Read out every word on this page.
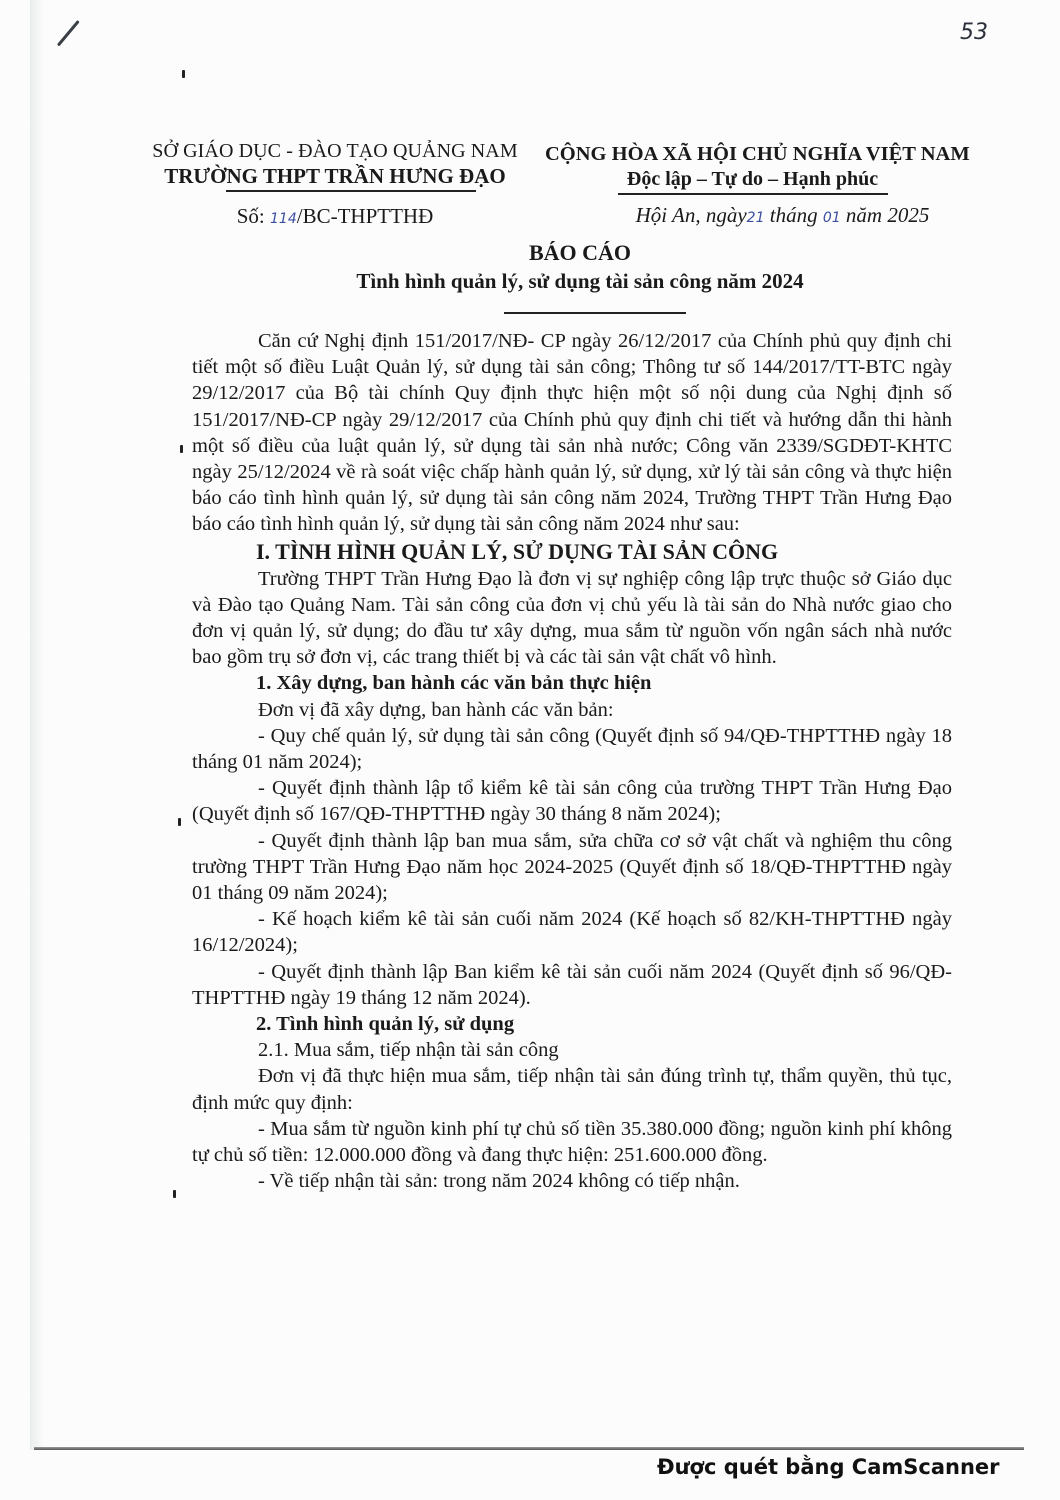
53
SỞ GIÁO DỤC - ĐÀO TẠO QUẢNG NAM
TRƯỜNG THPT TRẦN HƯNG ĐẠO
Số: 114/BC-THPTTHĐ
CỘNG HÒA XÃ HỘI CHỦ NGHĨA VIỆT NAM
Độc lập – Tự do – Hạnh phúc
Hội An, ngày21 tháng 01 năm 2025
BÁO CÁO
Tình hình quản lý, sử dụng tài sản công năm 2024

Căn cứ Nghị định 151/2017/NĐ- CP ngày 26/12/2017 của Chính phủ quy định chi tiết một số điều Luật Quản lý, sử dụng tài sản công; Thông tư số 144/2017/TT-BTC ngày 29/12/2017 của Bộ tài chính Quy định thực hiện một số nội dung của Nghị định số 151/2017/NĐ-CP ngày 29/12/2017 của Chính phủ quy định chi tiết và hướng dẫn thi hành một số điều của luật quản lý, sử dụng tài sản nhà nước; Công văn 2339/SGDĐT-KHTC ngày 25/12/2024 về rà soát việc chấp hành quản lý, sử dụng, xử lý tài sản công và thực hiện báo cáo tình hình quản lý, sử dụng tài sản công năm 2024, Trường THPT Trần Hưng Đạo báo cáo tình hình quản lý, sử dụng tài sản công năm 2024 như sau:

I. TÌNH HÌNH QUẢN LÝ, SỬ DỤNG TÀI SẢN CÔNG

Trường THPT Trần Hưng Đạo là đơn vị sự nghiệp công lập trực thuộc sở Giáo dục và Đào tạo Quảng Nam. Tài sản công của đơn vị chủ yếu là tài sản do Nhà nước giao cho đơn vị quản lý, sử dụng; do đầu tư xây dựng, mua sắm từ nguồn vốn ngân sách nhà nước bao gồm trụ sở đơn vị, các trang thiết bị và các tài sản vật chất vô hình.

1. Xây dựng, ban hành các văn bản thực hiện

Đơn vị đã xây dựng, ban hành các văn bản:

- Quy chế quản lý, sử dụng tài sản công (Quyết định số 94/QĐ-THPTTHĐ ngày 18 tháng 01 năm 2024);

- Quyết định thành lập tổ kiểm kê tài sản công của trường THPT Trần Hưng Đạo (Quyết định số 167/QĐ-THPTTHĐ ngày 30 tháng 8 năm 2024);

- Quyết định thành lập ban mua sắm, sửa chữa cơ sở vật chất và nghiệm thu công trường THPT Trần Hưng Đạo năm học 2024-2025 (Quyết định số 18/QĐ-THPTTHĐ ngày 01 tháng 09 năm 2024);

- Kế hoạch kiểm kê tài sản cuối năm 2024 (Kế hoạch số 82/KH-THPTTHĐ ngày 16/12/2024);

- Quyết định thành lập Ban kiểm kê tài sản cuối năm 2024 (Quyết định số 96/QĐ-THPTTHĐ ngày 19 tháng 12 năm 2024).

2. Tình hình quản lý, sử dụng

2.1. Mua sắm, tiếp nhận tài sản công

Đơn vị đã thực hiện mua sắm, tiếp nhận tài sản đúng trình tự, thẩm quyền, thủ tục, định mức quy định:

- Mua sắm từ nguồn kinh phí tự chủ số tiền 35.380.000 đồng; nguồn kinh phí không tự chủ số tiền: 12.000.000 đồng và đang thực hiện: 251.600.000 đồng.

- Về tiếp nhận tài sản: trong năm 2024 không có tiếp nhận.

Được quét bằng CamScanner
